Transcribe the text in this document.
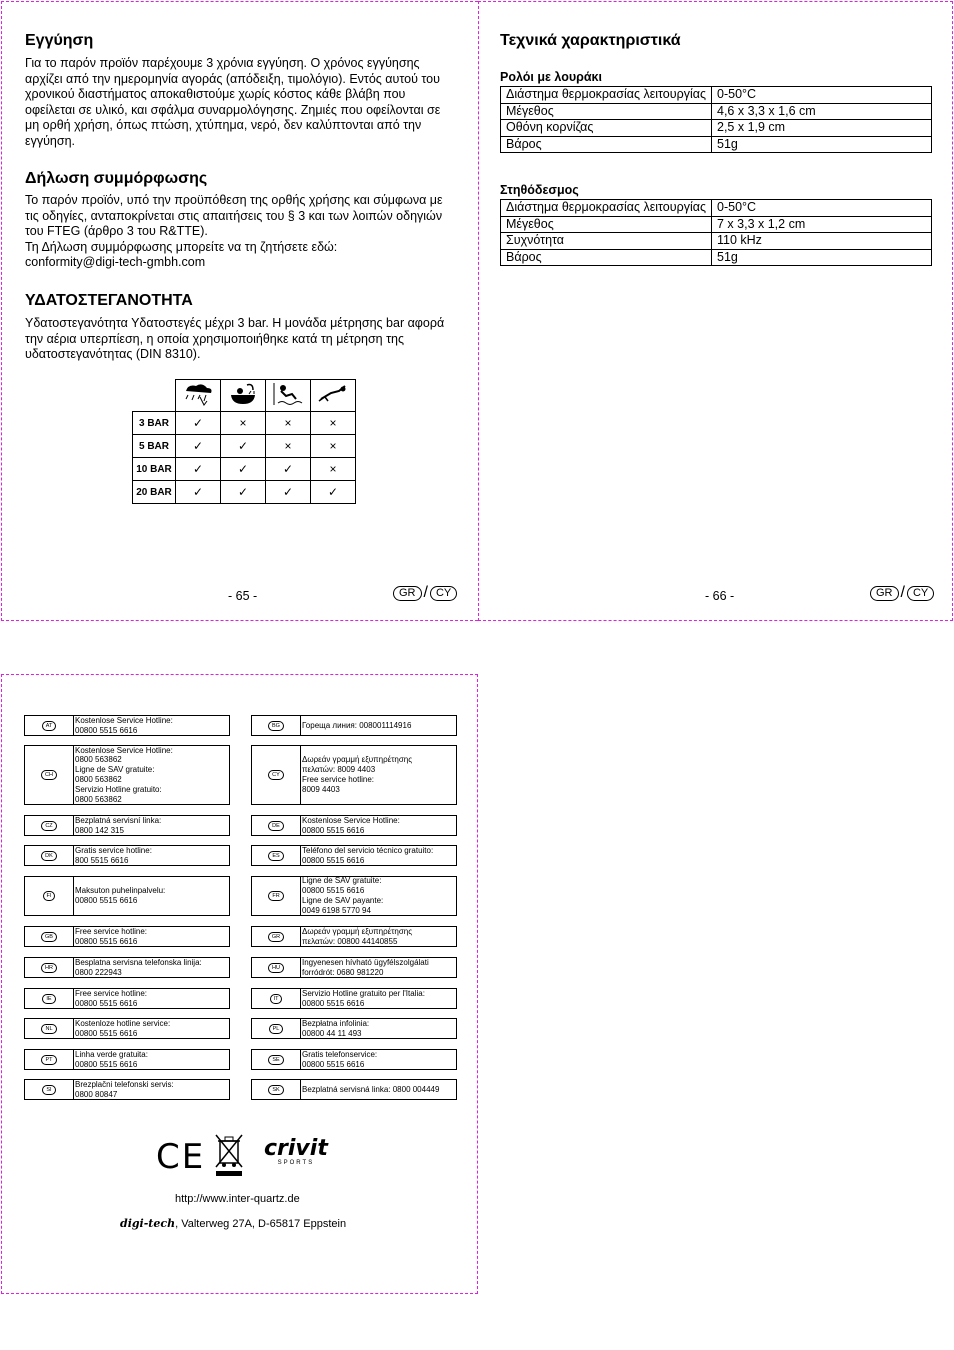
Εγγύηση

Για το παρόν προϊόν παρέχουμε 3 χρόνια εγγύηση. Ο χρόνος εγγύησης αρχίζει από την ημερομηνία αγοράς (απόδειξη, τιμολόγιο). Εντός αυτού του χρονικού διαστήματος αποκαθιστούμε χωρίς κόστος κάθε βλάβη που οφείλεται σε υλικό, και σφάλμα συναρμολόγησης. Ζημιές που οφείλονται σε μη ορθή χρήση, όπως πτώση, χτύπημα, νερό, δεν καλύπτονται από την εγγύηση.

Δήλωση συμμόρφωσης
Το παρόν προϊόν, υπό την προϋπόθεση της ορθής χρήσης και σύμφωνα με τις οδηγίες, ανταποκρίνεται στις απαιτήσεις του § 3 και των λοιπών οδηγιών του FTEG (άρθρο 3 του R&TTE).
Τη Δήλωση συμμόρφωσης μπορείτε να τη ζητήσετε εδώ:
conformity@digi-tech-gmbh.com
ΥΔΑΤΟΣΤΕΓΑΝΟΤΗΤΑ

Υδατοστεγανότητα Υδατοστεγές μέχρι 3 bar. Η μονάδα μέτρησης bar αφορά την αέρια υπερπίεση, η οποία χρησιμοποιήθηκε κατά τη μέτρηση της υδατοστεγανότητας (DIN 8310).

3 BAR	✓	×	×	×
5 BAR	✓	✓	×	×
10 BAR	✓	✓	✓	×
20 BAR	✓	✓	✓	✓
- 65 -	GR / CY
Τεχνικά χαρακτηριστικά
Ρολόι με λουράκι
Διάστημα θερμοκρασίας λειτουργίας	0-50°C
Μέγεθος	4,6 x 3,3 x 1,6 cm
Οθόνη κορνίζας	2,5 x 1,9 cm
Βάρος	51g
Στηθόδεσμος
Διάστημα θερμοκρασίας λειτουργίας	0-50°C
Μέγεθος	7 x 3,3 x 1,2 cm
Συχνότητα	110 kHz
Βάρος	51g
- 66 -	GR / CY
AT
Kostenlose Service Hotline:
00800 5515 6616
CH
Kostenlose Service Hotline:
0800 563862
Ligne de SAV gratuite:
0800 563862
Servizio Hotline gratuito:
0800 563862
CZ
Bezplatná servisní linka:
0800 142 315
DK
Gratis service hotline:
800 5515 6616
FI
Maksuton puhelinpalvelu:
00800 5515 6616
GB
Free service hotline:
00800 5515 6616
HR
Besplatna servisna telefonska linija:
0800 222943
IE
Free service hotline:
00800 5515 6616
NL
Kostenloze hotline service:
00800 5515 6616
PT
Linha verde gratuita:
00800 5515 6616
SI
Brezplačni telefonski servis:
0800 80847
BG	Гореща линия: 008001114916
CY
Δωρεάν γραμμή εξυπηρέτησης
πελατών: 8009 4403
Free service hotline:
8009 4403
DE
Kostenlose Service Hotline:
00800 5515 6616
ES
Teléfono del servicio técnico gratuito:
00800 5515 6616
FR
Ligne de SAV gratuite:
00800 5515 6616
Ligne de SAV payante:
0049 6198 5770 94
GR
Δωρεάν γραμμή εξυπηρέτησης
πελατών: 00800 44140855
HU
Ingyenesen hívható ügyfélszolgálati
forródrót: 0680 981220
IT
Servizio Hotline gratuito per l'Italia:
00800 5515 6616
PL
Bezpłatna infolinia:
00800 44 11 493
SE
Gratis telefonservice:
00800 5515 6616
SK	Bezplatná servisná linka: 0800 004449
CE	crivit
SPORTS
http://www.inter-quartz.de
digi-tech, Valterweg 27A, D-65817 Eppstein
